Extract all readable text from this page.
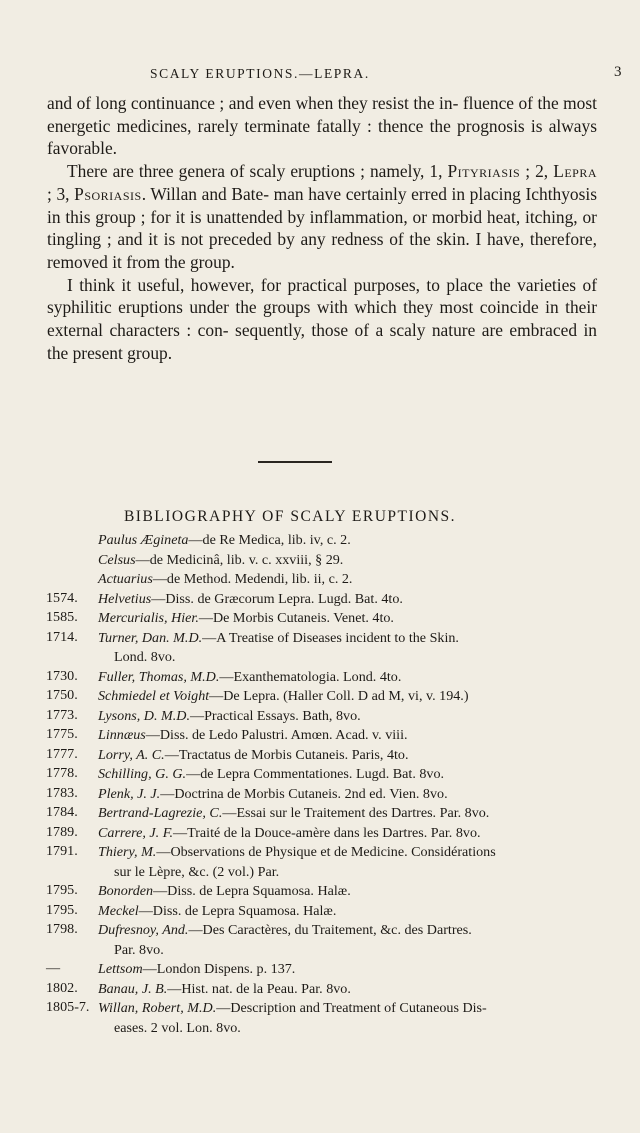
SCALY ERUPTIONS.—LEPRA.	3

and of long continuance ; and even when they resist the in- fluence of the most energetic medicines, rarely terminate fatally : thence the prognosis is always favorable.

There are three genera of scaly eruptions ; namely, 1, Pityriasis ; 2, Lepra ; 3, Psoriasis. Willan and Bate- man have certainly erred in placing Ichthyosis in this group ; for it is unattended by inflammation, or morbid heat, itching, or tingling ; and it is not preceded by any redness of the skin. I have, therefore, removed it from the group.

I think it useful, however, for practical purposes, to place the varieties of syphilitic eruptions under the groups with which they most coincide in their external characters : con- sequently, those of a scaly nature are embraced in the present group.

BIBLIOGRAPHY OF SCALY ERUPTIONS.
Paulus Ægineta—de Re Medica, lib. iv, c. 2.
Celsus—de Medicinâ, lib. v. c. xxviii, § 29.
Actuarius—de Method. Medendi, lib. ii, c. 2.
1574.	Helvetius—Diss. de Græcorum Lepra. Lugd. Bat. 4to.
1585.	Mercurialis, Hier.—De Morbis Cutaneis. Venet. 4to.
1714.	Turner, Dan. M.D.—A Treatise of Diseases incident to the Skin.
Lond. 8vo.
1730.	Fuller, Thomas, M.D.—Exanthematologia. Lond. 4to.
1750.	Schmiedel et Voight—De Lepra. (Haller Coll. D ad M, vi, v. 194.)
1773.	Lysons, D. M.D.—Practical Essays. Bath, 8vo.
1775.	Linnæus—Diss. de Ledo Palustri. Amœn. Acad. v. viii.
1777.	Lorry, A. C.—Tractatus de Morbis Cutaneis. Paris, 4to.
1778.	Schilling, G. G.—de Lepra Commentationes. Lugd. Bat. 8vo.
1783.	Plenk, J. J.—Doctrina de Morbis Cutaneis. 2nd ed. Vien. 8vo.
1784.	Bertrand-Lagrezie, C.—Essai sur le Traitement des Dartres. Par. 8vo.
1789.	Carrere, J. F.—Traité de la Douce-amère dans les Dartres. Par. 8vo.
1791.	Thiery, M.—Observations de Physique et de Medicine. Considérations
sur le Lèpre, &c. (2 vol.) Par.
1795.	Bonorden—Diss. de Lepra Squamosa. Halæ.
1795.	Meckel—Diss. de Lepra Squamosa. Halæ.
1798.	Dufresnoy, And.—Des Caractères, du Traitement, &c. des Dartres.
Par. 8vo.
—	Lettsom—London Dispens. p. 137.
1802.	Banau, J. B.—Hist. nat. de la Peau. Par. 8vo.
1805-7. Willan, Robert, M.D.—Description and Treatment of Cutaneous Dis-
eases. 2 vol. Lon. 8vo.
